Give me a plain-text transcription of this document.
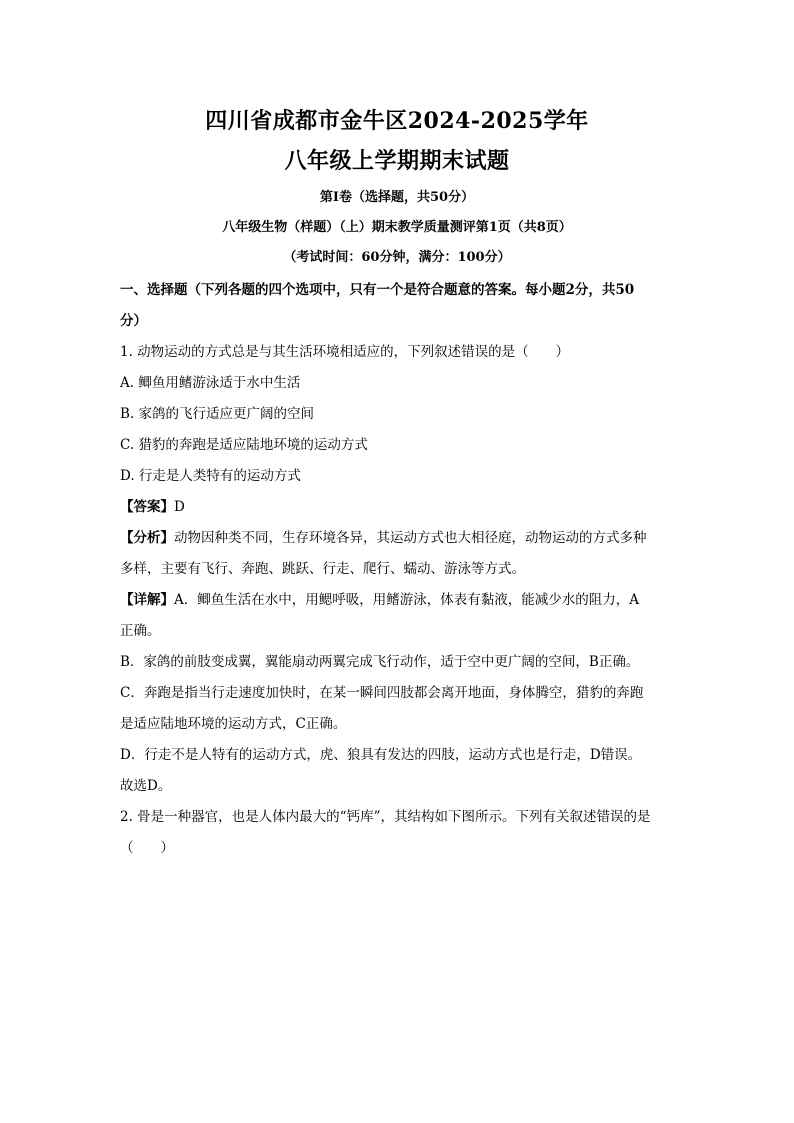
四川省成都市金牛区2024-2025学年
八年级上学期期末试题
第Ⅰ卷（选择题，共50分）
八年级生物（样题）（上）期末教学质量测评第1页（共8页）
（考试时间：60分钟，满分：100分）
一、选择题（下列各题的四个选项中，只有一个是符合题意的答案。每小题2分，共50
分）
1. 动物运动的方式总是与其生活环境相适应的，下列叙述错误的是（　　）
A. 鲫鱼用鳍游泳适于水中生活
B. 家鸽的飞行适应更广阔的空间
C. 猎豹的奔跑是适应陆地环境的运动方式
D. 行走是人类特有的运动方式
【答案】D
【分析】动物因种类不同，生存环境各异，其运动方式也大相径庭，动物运动的方式多种
多样，主要有飞行、奔跑、跳跃、行走、爬行、蠕动、游泳等方式。
【详解】A．鲫鱼生活在水中，用鳃呼吸，用鳍游泳，体表有黏液，能减少水的阻力，A
正确。
B．家鸽的前肢变成翼，翼能扇动两翼完成飞行动作，适于空中更广阔的空间，B正确。
C．奔跑是指当行走速度加快时，在某一瞬间四肢都会离开地面，身体腾空，猎豹的奔跑
是适应陆地环境的运动方式，C正确。
D．行走不是人特有的运动方式，虎、狼具有发达的四肢，运动方式也是行走，D错误。
故选D。
2. 骨是一种器官，也是人体内最大的“钙库”，其结构如下图所示。下列有关叙述错误的是
（　　）
